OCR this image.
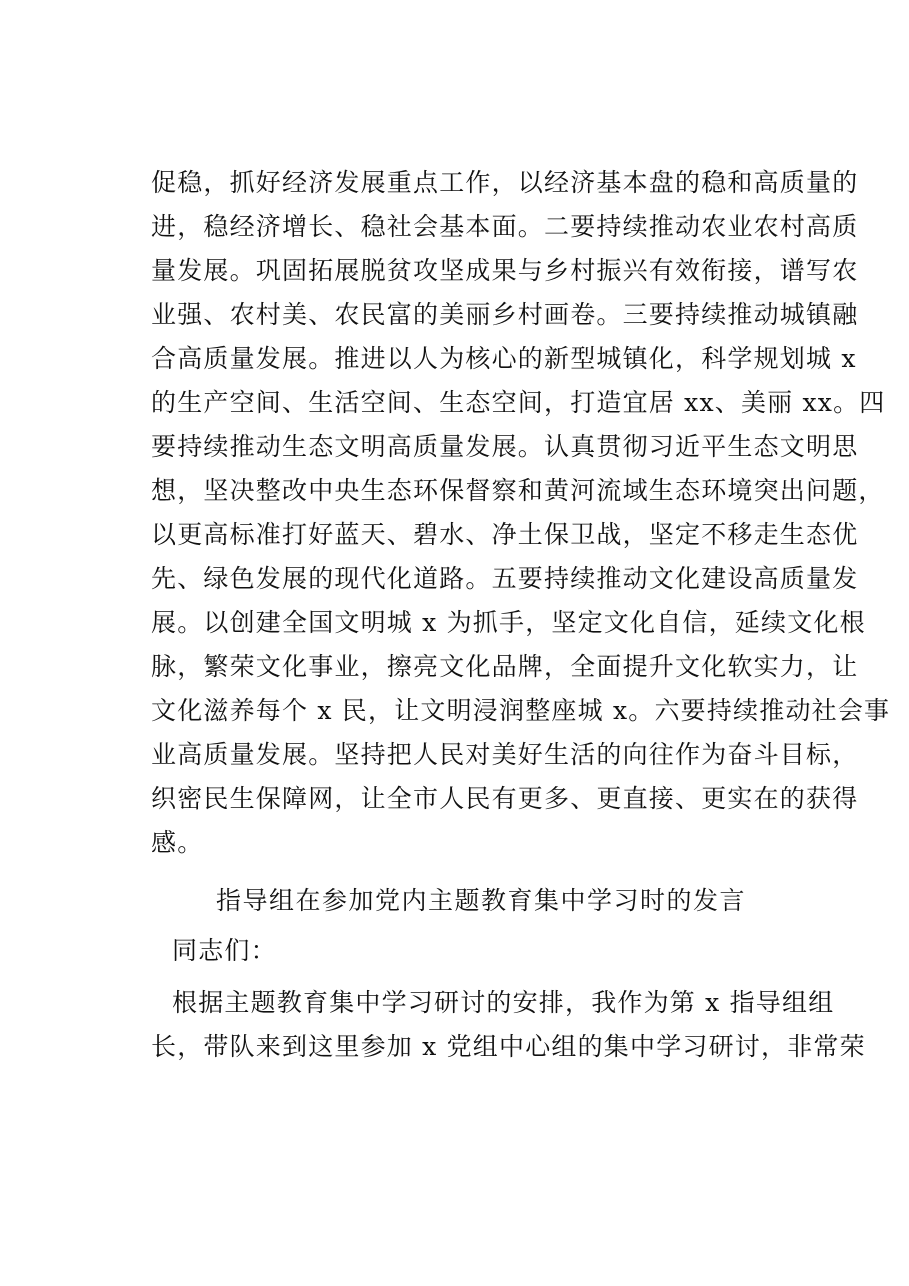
促稳，抓好经济发展重点工作，以经济基本盘的稳和高质量的
进，稳经济增长、稳社会基本面。二要持续推动农业农村高质
量发展。巩固拓展脱贫攻坚成果与乡村振兴有效衔接，谱写农
业强、农村美、农民富的美丽乡村画卷。三要持续推动城镇融
合高质量发展。推进以人为核心的新型城镇化，科学规划城 x
的生产空间、生活空间、生态空间，打造宜居 xx、美丽 xx。四
要持续推动生态文明高质量发展。认真贯彻习近平生态文明思
想，坚决整改中央生态环保督察和黄河流域生态环境突出问题，
以更高标准打好蓝天、碧水、净土保卫战，坚定不移走生态优
先、绿色发展的现代化道路。五要持续推动文化建设高质量发
展。以创建全国文明城 x 为抓手，坚定文化自信，延续文化根
脉，繁荣文化事业，擦亮文化品牌，全面提升文化软实力，让
文化滋养每个 x 民，让文明浸润整座城 x。六要持续推动社会事
业高质量发展。坚持把人民对美好生活的向往作为奋斗目标，
织密民生保障网，让全市人民有更多、更直接、更实在的获得
感。
指导组在参加党内主题教育集中学习时的发言
同志们：
根据主题教育集中学习研讨的安排，我作为第 x 指导组组
长，带队来到这里参加 x 党组中心组的集中学习研讨，非常荣
